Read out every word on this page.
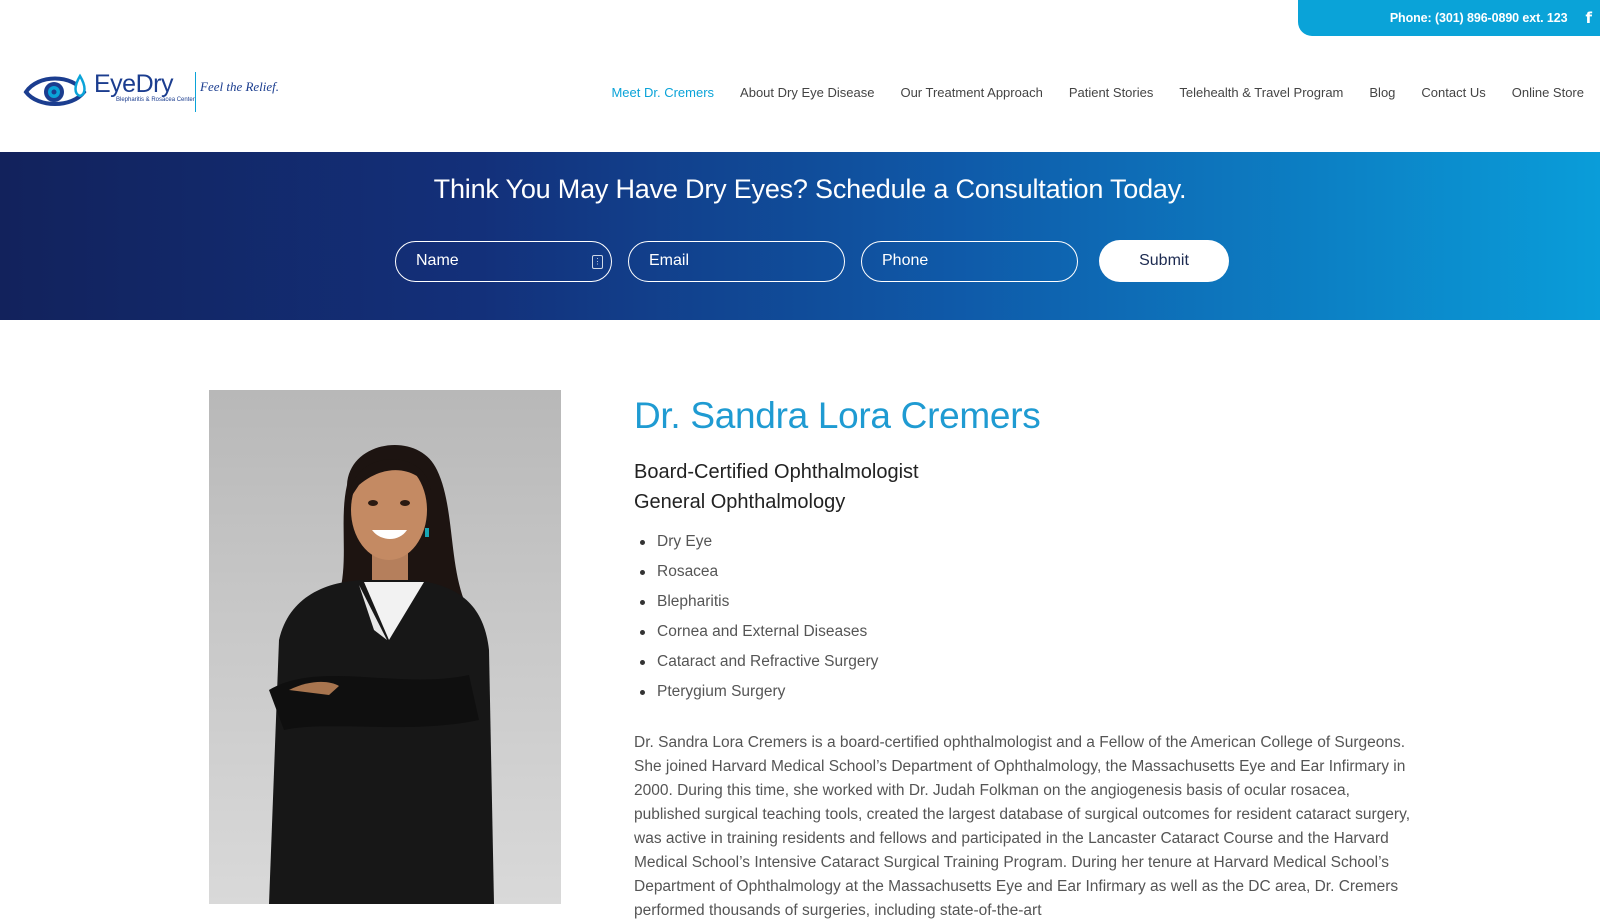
Phone: (301) 896-0890 ext. 123 f
EyeDry
Blepharitis & Rosacea Center
Feel the Relief.	Meet Dr. Cremers About Dry Eye Disease Our Treatment Approach Patient Stories Telehealth & Travel Program Blog Contact Us Online Store
Think You May Have Dry Eyes? Schedule a Consultation Today.
Name	⋮	Email	Phone	Submit
Dr. Sandra Lora Cremers
Board-Certified Ophthalmologist
General Ophthalmology
Dry Eye
Rosacea
Blepharitis
Cornea and External Diseases
Cataract and Refractive Surgery
Pterygium Surgery

Dr. Sandra Lora Cremers is a board-certified ophthalmologist and a Fellow of the American College of Surgeons. She joined Harvard Medical School’s Department of Ophthalmology, the Massachusetts Eye and Ear Infirmary in 2000. During this time, she worked with Dr. Judah Folkman on the angiogenesis basis of ocular rosacea, published surgical teaching tools, created the largest database of surgical outcomes for resident cataract surgery, was active in training residents and fellows and participated in the Lancaster Cataract Course and the Harvard Medical School’s Intensive Cataract Surgical Training Program. During her tenure at Harvard Medical School’s Department of Ophthalmology at the Massachusetts Eye and Ear Infirmary as well as the DC area, Dr. Cremers performed thousands of surgeries, including state-of-the-art
